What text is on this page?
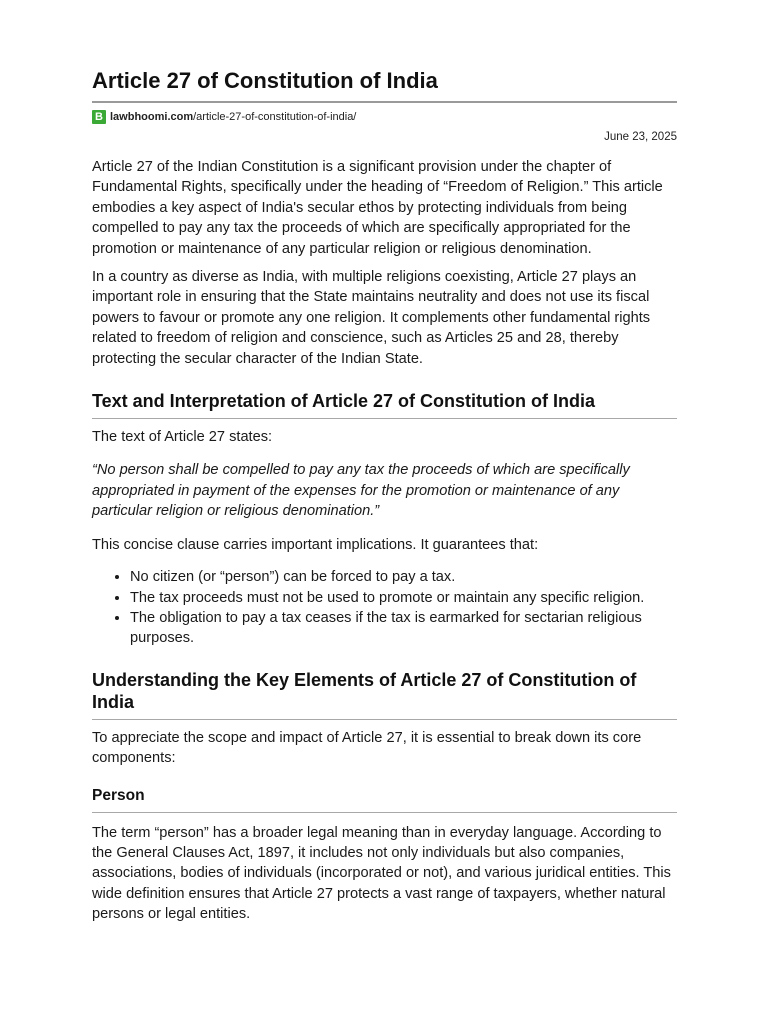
Article 27 of Constitution of India
B lawbhoomi.com /article-27-of-constitution-of-india/
June 23, 2025

Article 27 of the Indian Constitution is a significant provision under the chapter of Fundamental Rights, specifically under the heading of “Freedom of Religion.” This article embodies a key aspect of India's secular ethos by protecting individuals from being compelled to pay any tax the proceeds of which are specifically appropriated for the promotion or maintenance of any particular religion or religious denomination.

In a country as diverse as India, with multiple religions coexisting, Article 27 plays an important role in ensuring that the State maintains neutrality and does not use its fiscal powers to favour or promote any one religion. It complements other fundamental rights related to freedom of religion and conscience, such as Articles 25 and 28, thereby protecting the secular character of the Indian State.

Text and Interpretation of Article 27 of Constitution of India

The text of Article 27 states:

“No person shall be compelled to pay any tax the proceeds of which are specifically appropriated in payment of the expenses for the promotion or maintenance of any particular religion or religious denomination.”

This concise clause carries important implications. It guarantees that:

• No citizen (or “person”) can be forced to pay a tax.
• The tax proceeds must not be used to promote or maintain any specific religion.
• The obligation to pay a tax ceases if the tax is earmarked for sectarian religious purposes.
Understanding the Key Elements of Article 27 of Constitution of India

To appreciate the scope and impact of Article 27, it is essential to break down its core components:

Person

The term “person” has a broader legal meaning than in everyday language. According to the General Clauses Act, 1897, it includes not only individuals but also companies, associations, bodies of individuals (incorporated or not), and various juridical entities. This wide definition ensures that Article 27 protects a vast range of taxpayers, whether natural persons or legal entities.
